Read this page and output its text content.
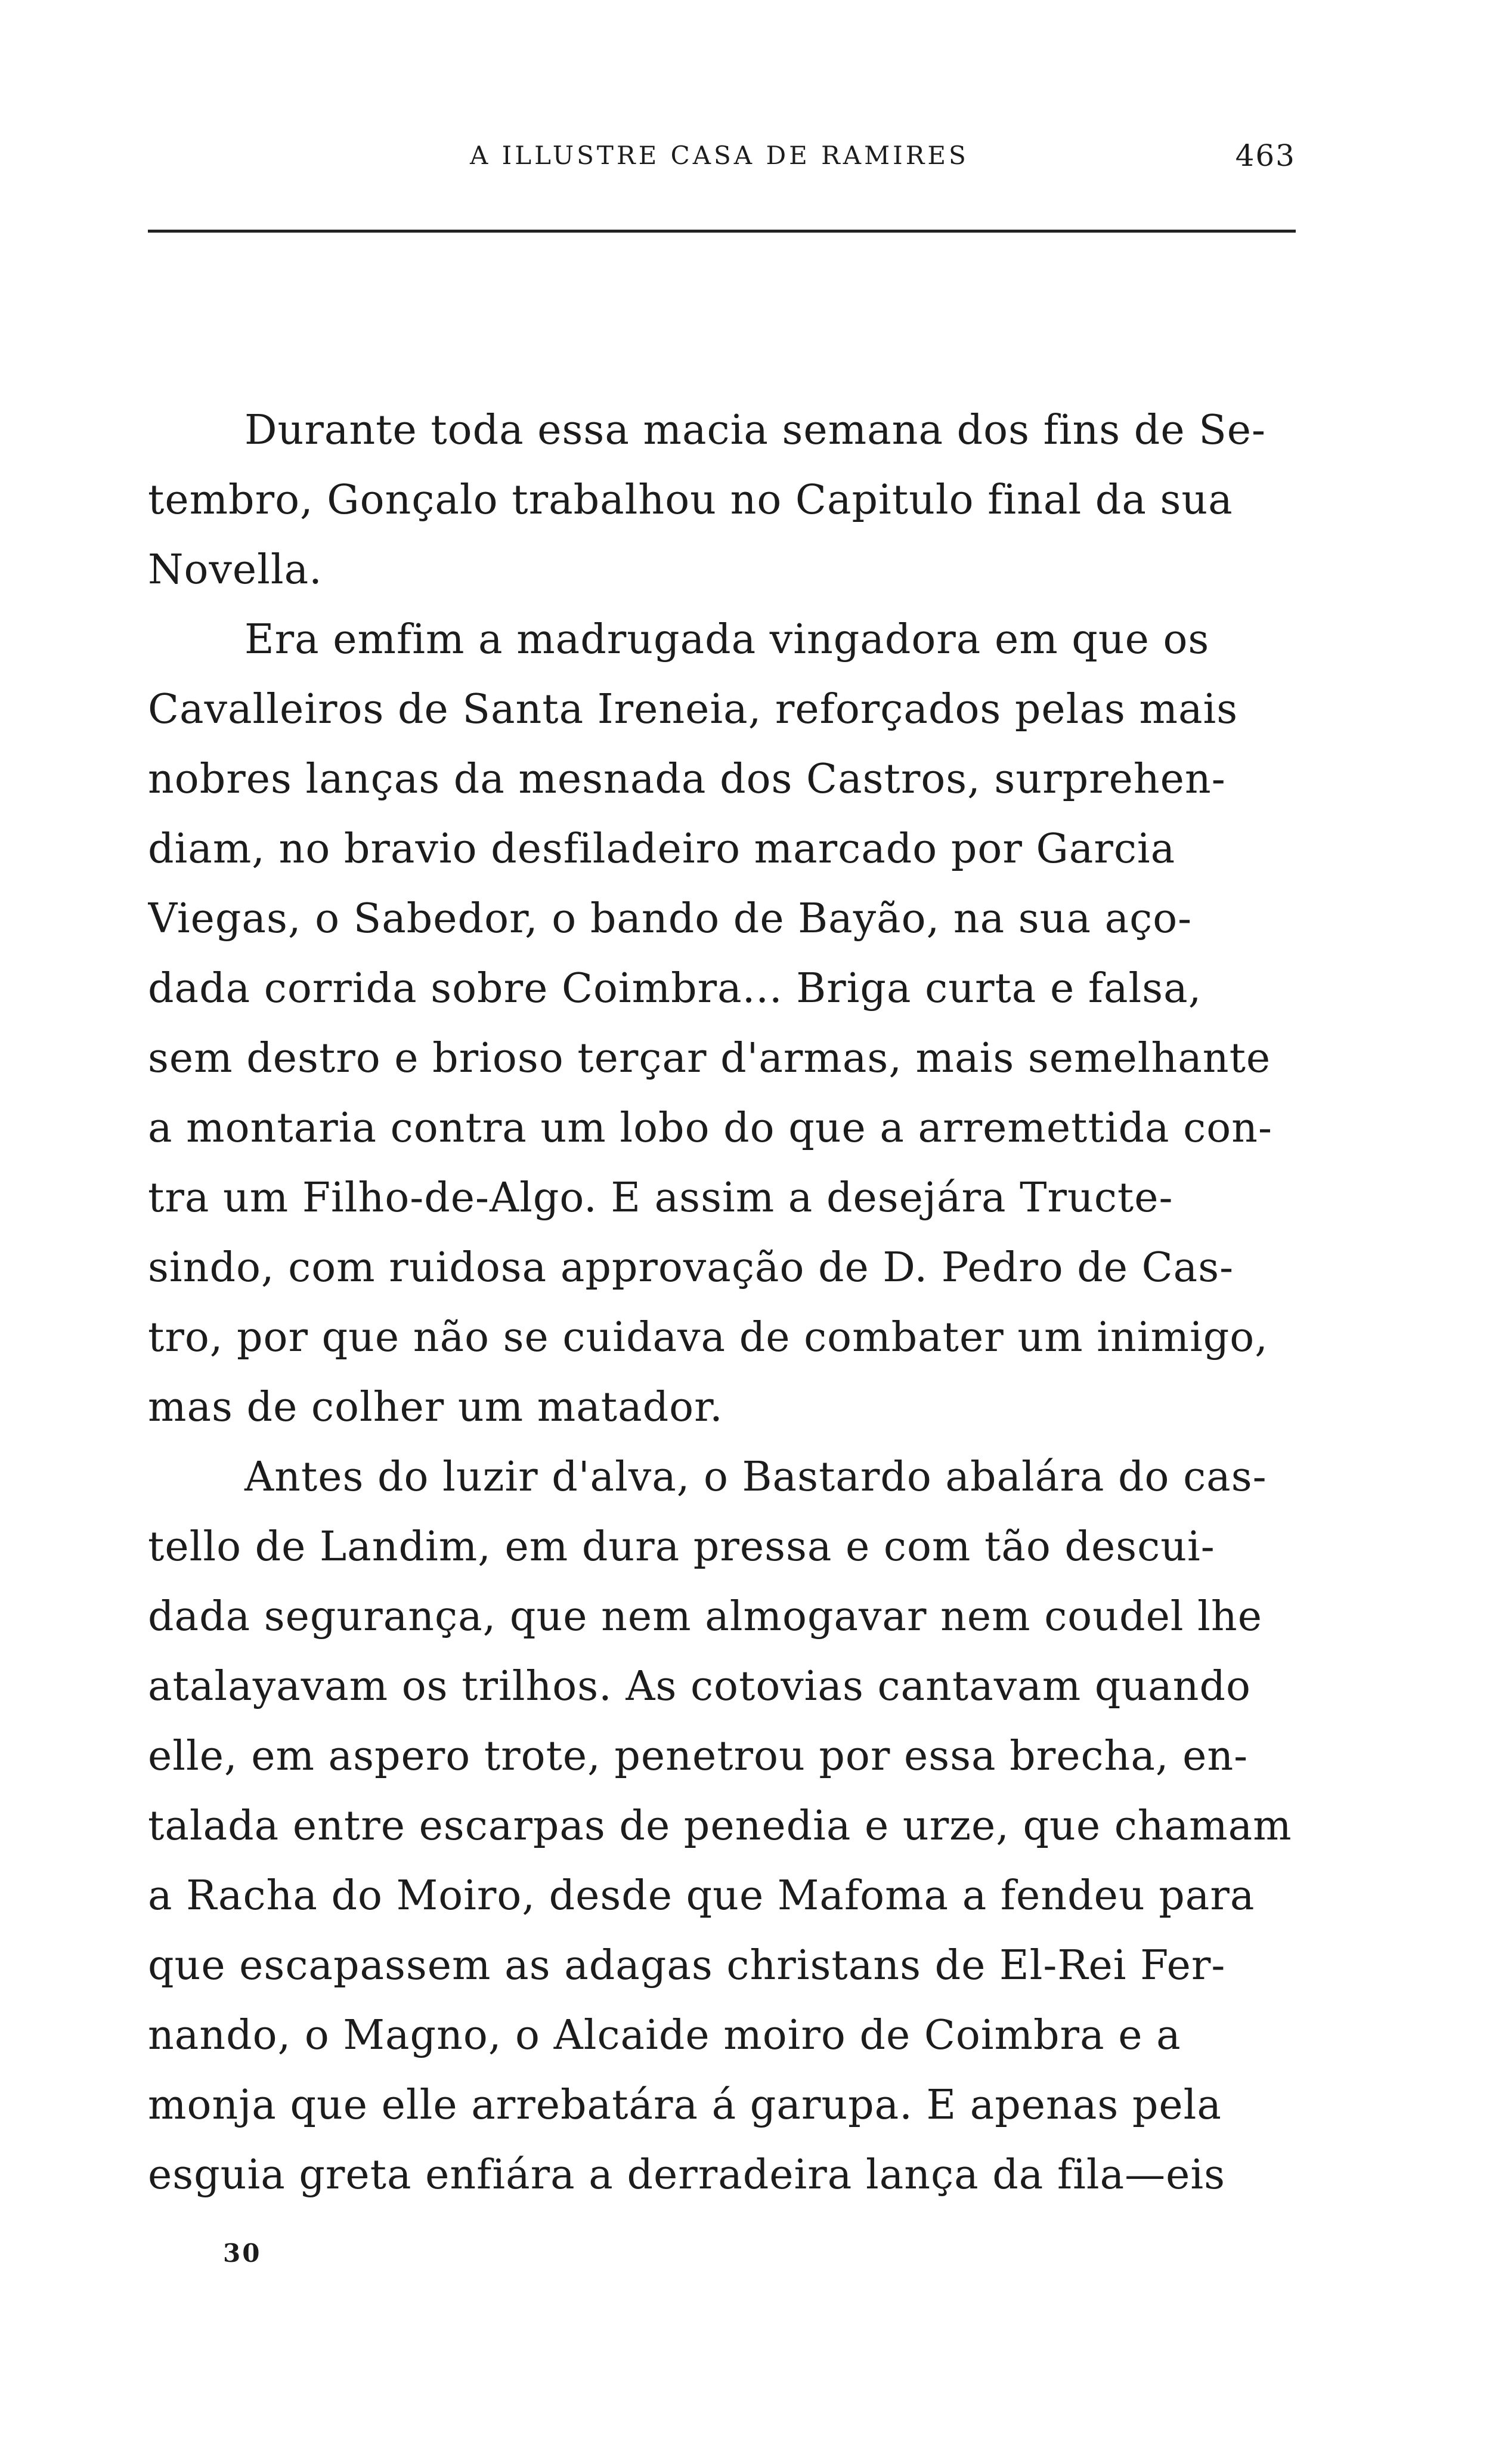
A ILLUSTRE CASA DE RAMIRES	463
Durante toda essa macia semana dos fins de Se-
tembro, Gonçalo trabalhou no Capitulo final da sua
Novella.
Era emfim a madrugada vingadora em que os
Cavalleiros de Santa Ireneia, reforçados pelas mais
nobres lanças da mesnada dos Castros, surprehen-
diam, no bravio desfiladeiro marcado por Garcia
Viegas, o Sabedor, o bando de Bayão, na sua aço-
dada corrida sobre Coimbra... Briga curta e falsa,
sem destro e brioso terçar d'armas, mais semelhante
a montaria contra um lobo do que a arremettida con-
tra um Filho-de-Algo. E assim a desejára Tructe-
sindo, com ruidosa approvação de D. Pedro de Cas-
tro, por que não se cuidava de combater um inimigo,
mas de colher um matador.
Antes do luzir d'alva, o Bastardo abalára do cas-
tello de Landim, em dura pressa e com tão descui-
dada segurança, que nem almogavar nem coudel lhe
atalayavam os trilhos. As cotovias cantavam quando
elle, em aspero trote, penetrou por essa brecha, en-
talada entre escarpas de penedia e urze, que chamam
a Racha do Moiro, desde que Mafoma a fendeu para
que escapassem as adagas christans de El-Rei Fer-
nando, o Magno, o Alcaide moiro de Coimbra e a
monja que elle arrebatára á garupa. E apenas pela
esguia greta enfiára a derradeira lança da fila—eis
30
